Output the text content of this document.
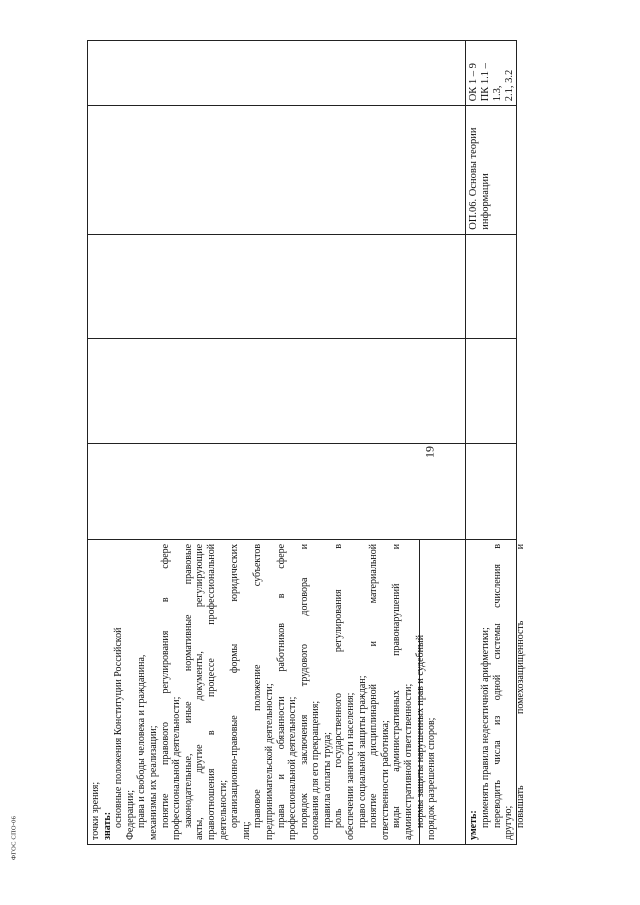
19
ФГОС СПО-06	точки зрения; знать: основные положения Конституции Российской Федерации; права и свободы человека и гражданина, механизмы их реализации; понятие правового регулирования в сфере профессиональной деятельности; законодательные, иные нормативные правовые акты, другие документы, регулирующие правоотношения в процессе профессиональной деятельности; организационно-правовые формы юридических
лиц;
правовое положение субъектов предпринимательской деятельности; права и обязанности работников в сфере профессиональной деятельности; порядок заключения трудового договора и основания для его прекращения; правила оплаты труда; роль государственного регулирования в обеспечении занятости населения; право социальной защиты граждан; понятие дисциплинарной и материальной ответственности работника; виды административных правонарушений и административной ответственности; нормы защиты нарушенных прав и судебный порядок разрешения споров;	уметь: применять правила недесятичной арифметики; переводить числа из одной системы счисления в другую; повышать помехозащищенность и
ОП.06. Основы теории информации
ОК 1 – 9 ПК 1.1 – 1.3, 2.1, 3.2
